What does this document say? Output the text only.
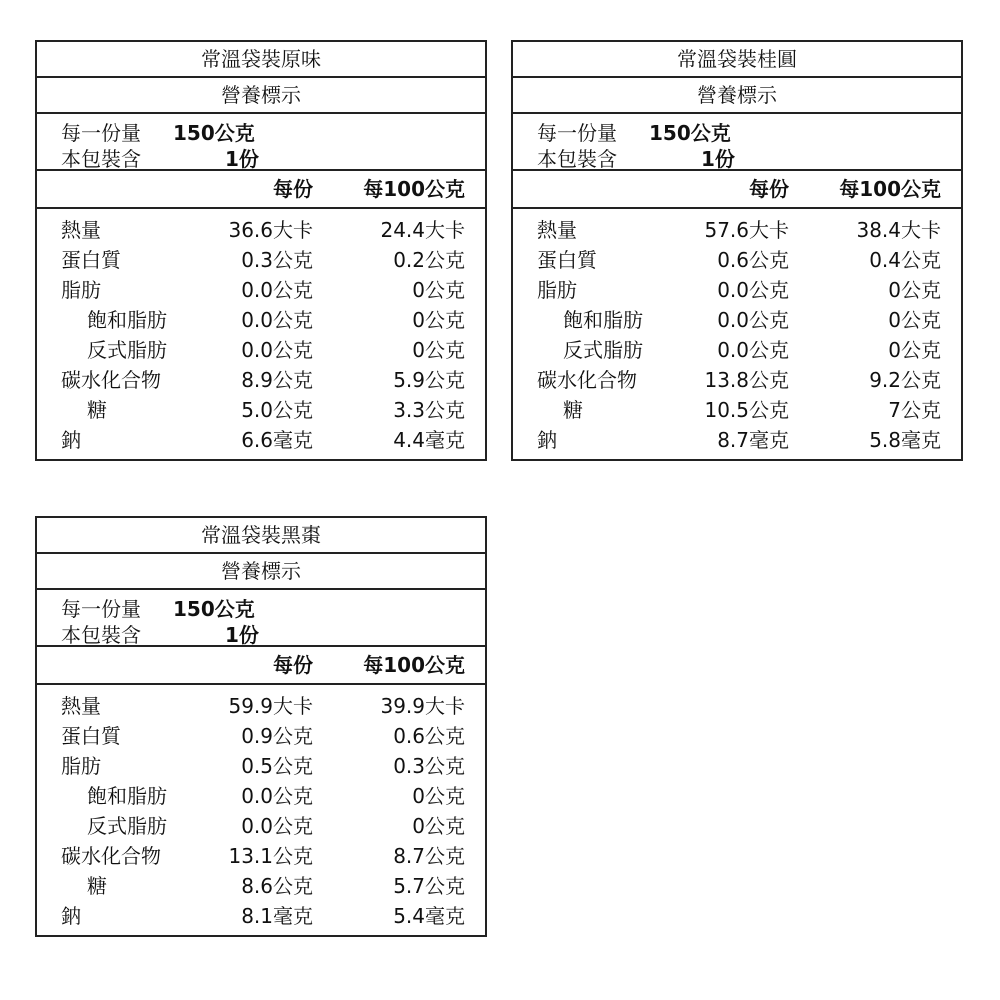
常溫袋裝原味
營養標示
每一份量	150公克
本包裝含	1份
每份	每100公克
熱量	36.6大卡	24.4大卡
蛋白質	0.3公克	0.2公克
脂肪	0.0公克	0公克
飽和脂肪	0.0公克	0公克
反式脂肪	0.0公克	0公克
碳水化合物	8.9公克	5.9公克
糖	5.0公克	3.3公克
鈉	6.6毫克	4.4毫克
常溫袋裝桂圓
營養標示
每一份量	150公克
本包裝含	1份
每份	每100公克
熱量	57.6大卡	38.4大卡
蛋白質	0.6公克	0.4公克
脂肪	0.0公克	0公克
飽和脂肪	0.0公克	0公克
反式脂肪	0.0公克	0公克
碳水化合物	13.8公克	9.2公克
糖	10.5公克	7公克
鈉	8.7毫克	5.8毫克
常溫袋裝黑棗
營養標示
每一份量	150公克
本包裝含	1份
每份	每100公克
熱量	59.9大卡	39.9大卡
蛋白質	0.9公克	0.6公克
脂肪	0.5公克	0.3公克
飽和脂肪	0.0公克	0公克
反式脂肪	0.0公克	0公克
碳水化合物	13.1公克	8.7公克
糖	8.6公克	5.7公克
鈉	8.1毫克	5.4毫克
